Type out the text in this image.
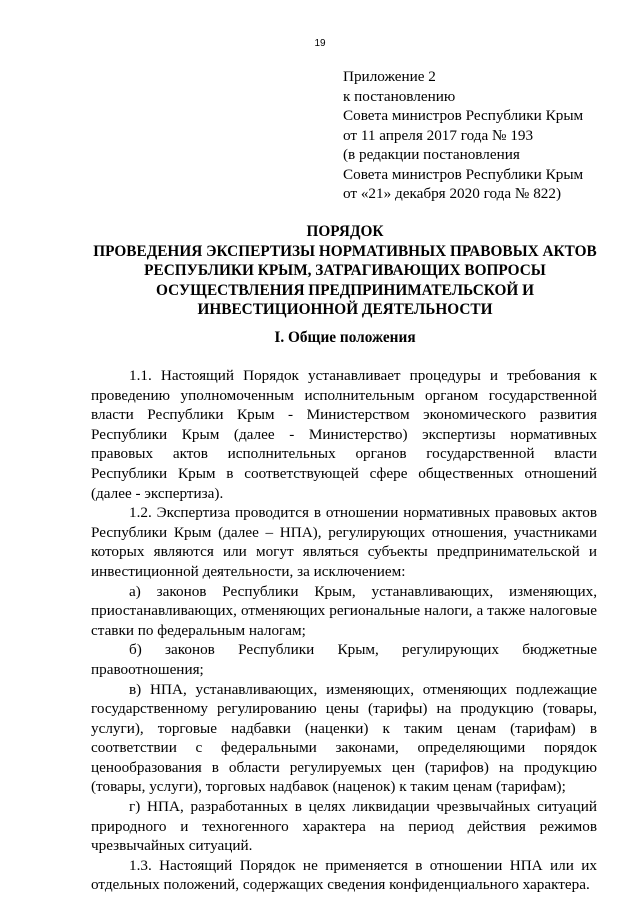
19
Приложение 2
к постановлению
Совета министров Республики Крым
от 11 апреля 2017 года № 193
(в редакции постановления
Совета министров Республики Крым
от «21» декабря 2020 года № 822)
ПОРЯДОК
ПРОВЕДЕНИЯ ЭКСПЕРТИЗЫ НОРМАТИВНЫХ ПРАВОВЫХ АКТОВ
РЕСПУБЛИКИ КРЫМ, ЗАТРАГИВАЮЩИХ ВОПРОСЫ
ОСУЩЕСТВЛЕНИЯ ПРЕДПРИНИМАТЕЛЬСКОЙ И
ИНВЕСТИЦИОННОЙ ДЕЯТЕЛЬНОСТИ
I. Общие положения

1.1. Настоящий Порядок устанавливает процедуры и требования к проведению уполномоченным исполнительным органом государственной власти Республики Крым - Министерством экономического развития Республики Крым (далее - Министерство) экспертизы нормативных правовых актов исполнительных органов государственной власти Республики Крым в соответствующей сфере общественных отношений (далее - экспертиза).

1.2. Экспертиза проводится в отношении нормативных правовых актов Республики Крым (далее – НПА), регулирующих отношения, участниками которых являются или могут являться субъекты предпринимательской и инвестиционной деятельности, за исключением:

а) законов Республики Крым, устанавливающих, изменяющих, приостанавливающих, отменяющих региональные налоги, а также налоговые ставки по федеральным налогам;

б) законов Республики Крым, регулирующих бюджетные правоотношения;

в) НПА, устанавливающих, изменяющих, отменяющих подлежащие государственному регулированию цены (тарифы) на продукцию (товары, услуги), торговые надбавки (наценки) к таким ценам (тарифам) в соответствии с федеральными законами, определяющими порядок ценообразования в области регулируемых цен (тарифов) на продукцию (товары, услуги), торговых надбавок (наценок) к таким ценам (тарифам);

г) НПА, разработанных в целях ликвидации чрезвычайных ситуаций природного и техногенного характера на период действия режимов чрезвычайных ситуаций.

1.3. Настоящий Порядок не применяется в отношении НПА или их отдельных положений, содержащих сведения конфиденциального характера.
